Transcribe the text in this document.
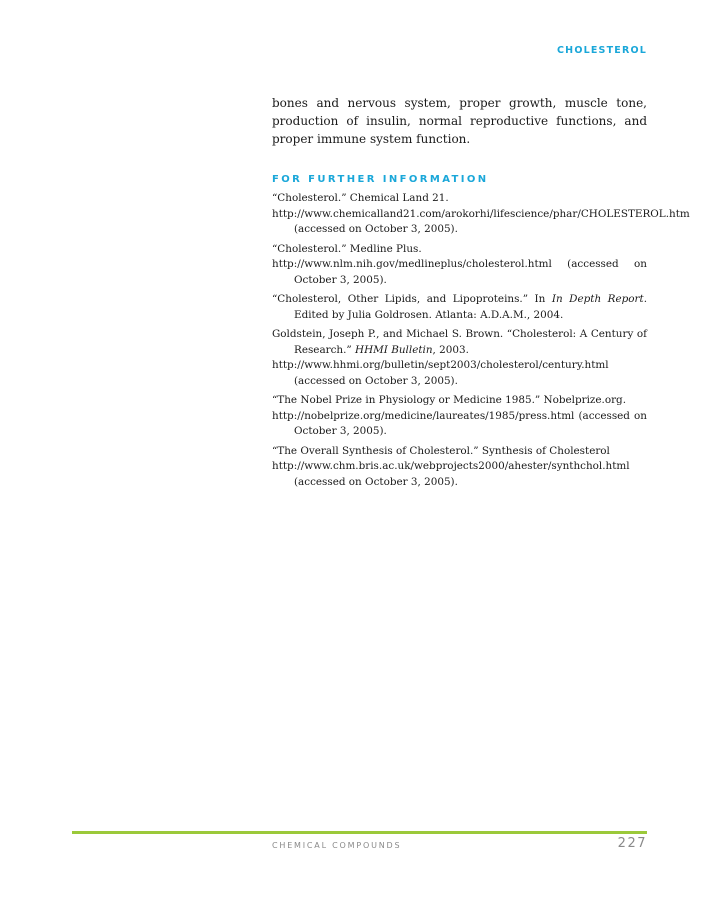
CHOLESTEROL

bones and nervous system, proper growth, muscle tone, production of insulin, normal reproductive functions, and proper immune system function.

FOR FURTHER INFORMATION
“Cholesterol.” Chemical Land 21.
http://www.chemicalland21.com/arokorhi/lifescience/phar/CHOLESTEROL.htm (accessed on October 3, 2005).
“Cholesterol.” Medline Plus.
http://www.nlm.nih.gov/medlineplus/cholesterol.html (accessed on October 3, 2005).
“Cholesterol, Other Lipids, and Lipoproteins.” In In Depth Report. Edited by Julia Goldrosen. Atlanta: A.D.A.M., 2004.
Goldstein, Joseph P., and Michael S. Brown. “Cholesterol: A Century of Research.” HHMI Bulletin, 2003.
http://www.hhmi.org/bulletin/sept2003/cholesterol/century.html (accessed on October 3, 2005).
“The Nobel Prize in Physiology or Medicine 1985.” Nobelprize.org.
http://nobelprize.org/medicine/laureates/1985/press.html (accessed on October 3, 2005).
“The Overall Synthesis of Cholesterol.” Synthesis of Cholesterol
http://www.chm.bris.ac.uk/webprojects2000/ahester/synthchol.html (accessed on October 3, 2005).
CHEMICAL COMPOUNDS	227
